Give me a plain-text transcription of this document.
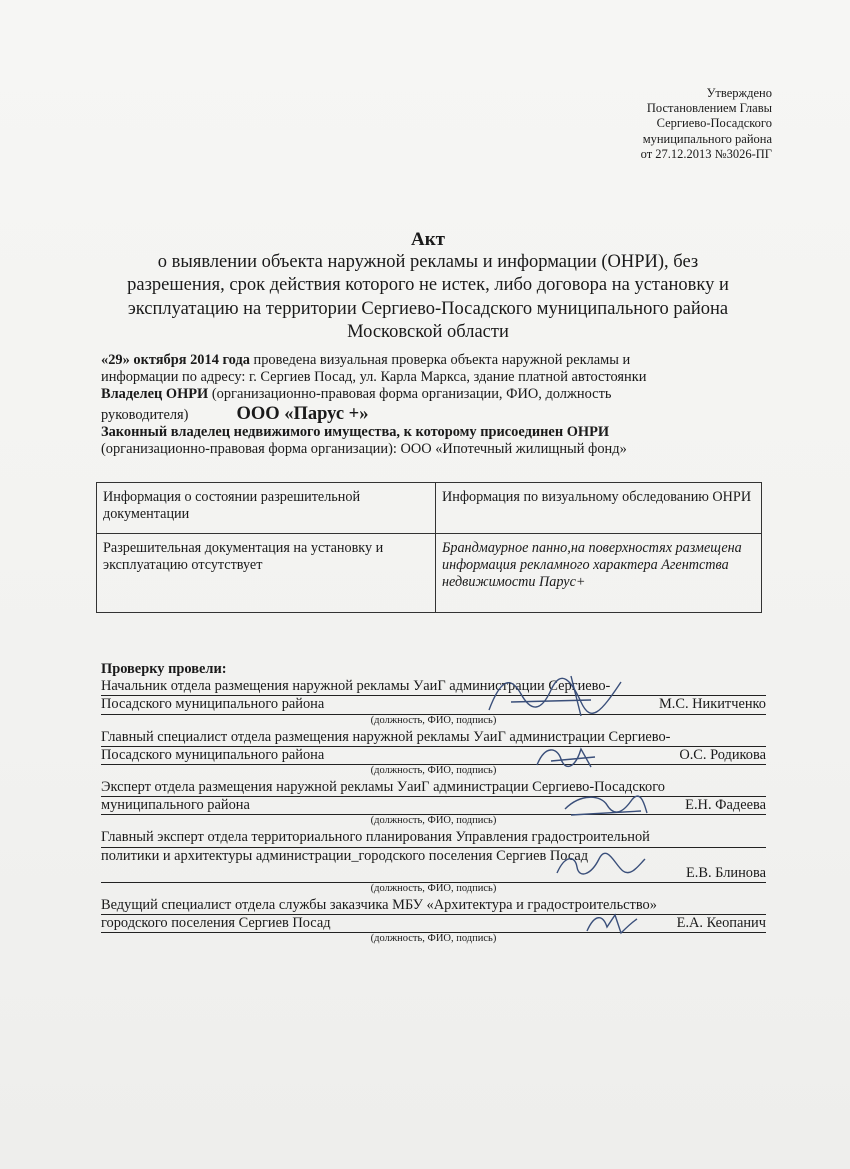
Утверждено
Постановлением Главы
Сергиево-Посадского
муниципального района
от 27.12.2013 №3026-ПГ
Акт
о выявлении объекта наружной рекламы и информации (ОНРИ), без
разрешения, срок действия которого не истек, либо договора на установку и
эксплуатацию на территории Сергиево-Посадского муниципального района
Московской области
«29» октября 2014 года проведена визуальная проверка объекта наружной рекламы и
информации по адресу: г. Сергиев Посад, ул. Карла Маркса, здание платной автостоянки
Владелец ОНРИ (организационно-правовая форма организации, ФИО, должность
руководителя)	ООО «Парус +»
Законный владелец недвижимого имущества, к которому присоединен ОНРИ
(организационно-правовая форма организации): ООО «Ипотечный жилищный фонд»
Информация о состоянии разрешительной документации	Информация по визуальному обследованию ОНРИ
Разрешительная документация на установку и эксплуатацию отсутствует	Брандмаурное панно,на поверхностях размещена информация рекламного характера Агентства недвижимости Парус+
Проверку провели:
Начальник отдела размещения наружной рекламы УаиГ администрации Сергиево-
Посадского муниципального района	М.С. Никитченко
(должность, ФИО, подпись)
Главный специалист отдела размещения наружной рекламы УаиГ администрации Сергиево-
Посадского муниципального района	О.С. Родикова
(должность, ФИО, подпись)
Эксперт отдела размещения наружной рекламы УаиГ администрации Сергиево-Посадского
муниципального района	Е.Н. Фадеева
(должность, ФИО, подпись)
Главный эксперт отдела территориального планирования Управления градостроительной
политики и архитектуры администрации_городского поселения Сергиев Посад
Е.В. Блинова
(должность, ФИО, подпись)
Ведущий специалист отдела службы заказчика МБУ «Архитектура и градостроительство»
городского поселения Сергиев Посад	Е.А. Кеопанич
(должность, ФИО, подпись)
